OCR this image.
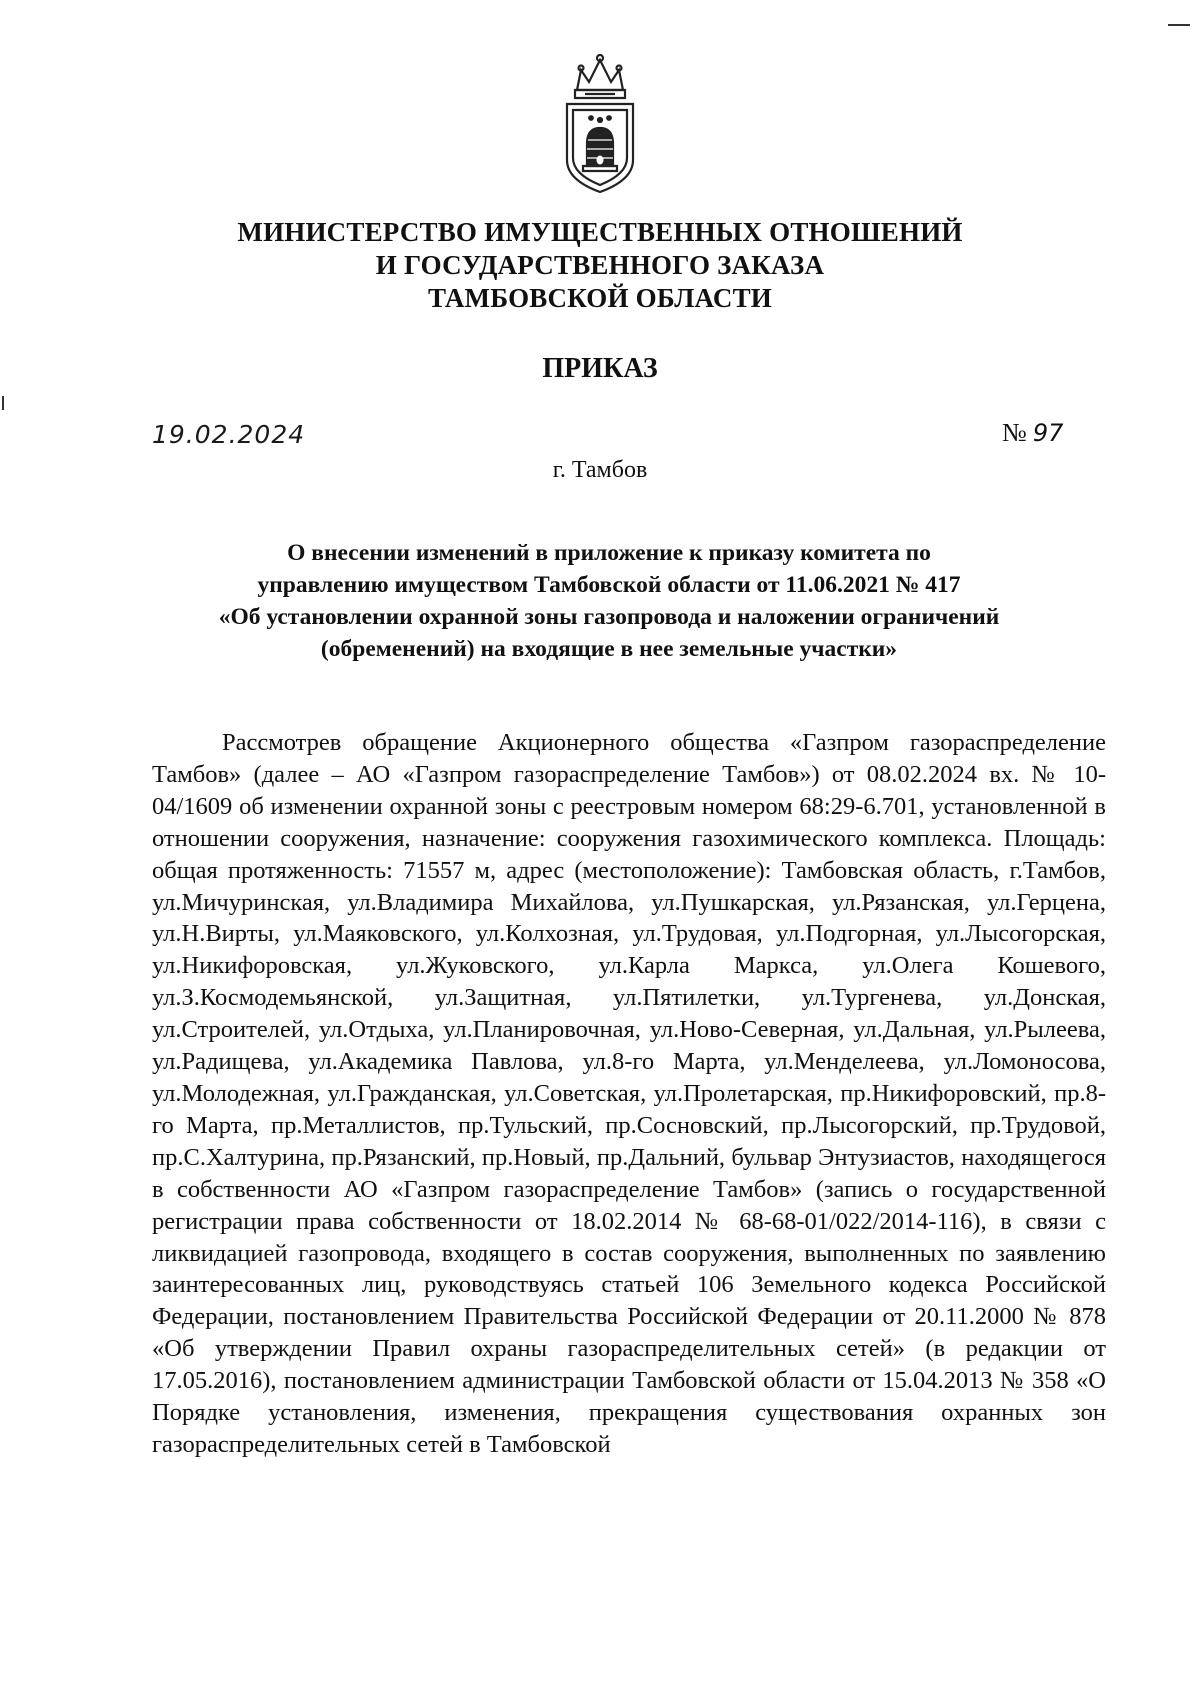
МИНИСТЕРСТВО ИМУЩЕСТВЕННЫХ ОТНОШЕНИЙ
И ГОСУДАРСТВЕННОГО ЗАКАЗА
ТАМБОВСКОЙ ОБЛАСТИ
ПРИКАЗ
19.02.2024	№ 97
г. Тамбов
О внесении изменений в приложение к приказу комитета по
управлению имуществом Тамбовской области от 11.06.2021 № 417
«Об установлении охранной зоны газопровода и наложении ограничений
(обременений) на входящие в нее земельные участки»
Рассмотрев обращение Акционерного общества «Газпром газораспределение Тамбов» (далее – АО «Газпром газораспределение Тамбов») от 08.02.2024 вх. № 10-04/1609 об изменении охранной зоны с реестровым номером 68:29-6.701, установленной в отношении сооружения, назначение: сооружения газохимического комплекса. Площадь: общая протяженность: 71557 м, адрес (местоположение): Тамбовская область, г.Тамбов, ул.Мичуринская, ул.Владимира Михайлова, ул.Пушкарская, ул.Рязанская, ул.Герцена, ул.Н.Вирты, ул.Маяковского, ул.Колхозная, ул.Трудовая, ул.Подгорная, ул.Лысогорская, ул.Никифоровская, ул.Жуковского, ул.Карла Маркса, ул.Олега Кошевого, ул.З.Космодемьянской, ул.Защитная, ул.Пятилетки, ул.Тургенева, ул.Донская, ул.Строителей, ул.Отдыха, ул.Планировочная, ул.Ново-Северная, ул.Дальная, ул.Рылеева, ул.Радищева, ул.Академика Павлова, ул.8-го Марта, ул.Менделеева, ул.Ломоносова, ул.Молодежная, ул.Гражданская, ул.Советская, ул.Пролетарская, пр.Никифоровский, пр.8-го Марта, пр.Металлистов, пр.Тульский, пр.Сосновский, пр.Лысогорский, пр.Трудовой, пр.С.Халтурина, пр.Рязанский, пр.Новый, пр.Дальний, бульвар Энтузиастов, находящегося в собственности АО «Газпром газораспределение Тамбов» (запись о государственной регистрации права собственности от 18.02.2014 № 68-68-01/022/2014-116), в связи с ликвидацией газопровода, входящего в состав сооружения, выполненных по заявлению заинтересованных лиц, руководствуясь статьей 106 Земельного кодекса Российской Федерации, постановлением Правительства Российской Федерации от 20.11.2000 № 878 «Об утверждении Правил охраны газораспределительных сетей» (в редакции от 17.05.2016), постановлением администрации Тамбовской области от 15.04.2013 № 358 «О Порядке установления, изменения, прекращения существования охранных зон газораспределительных сетей в Тамбовской
